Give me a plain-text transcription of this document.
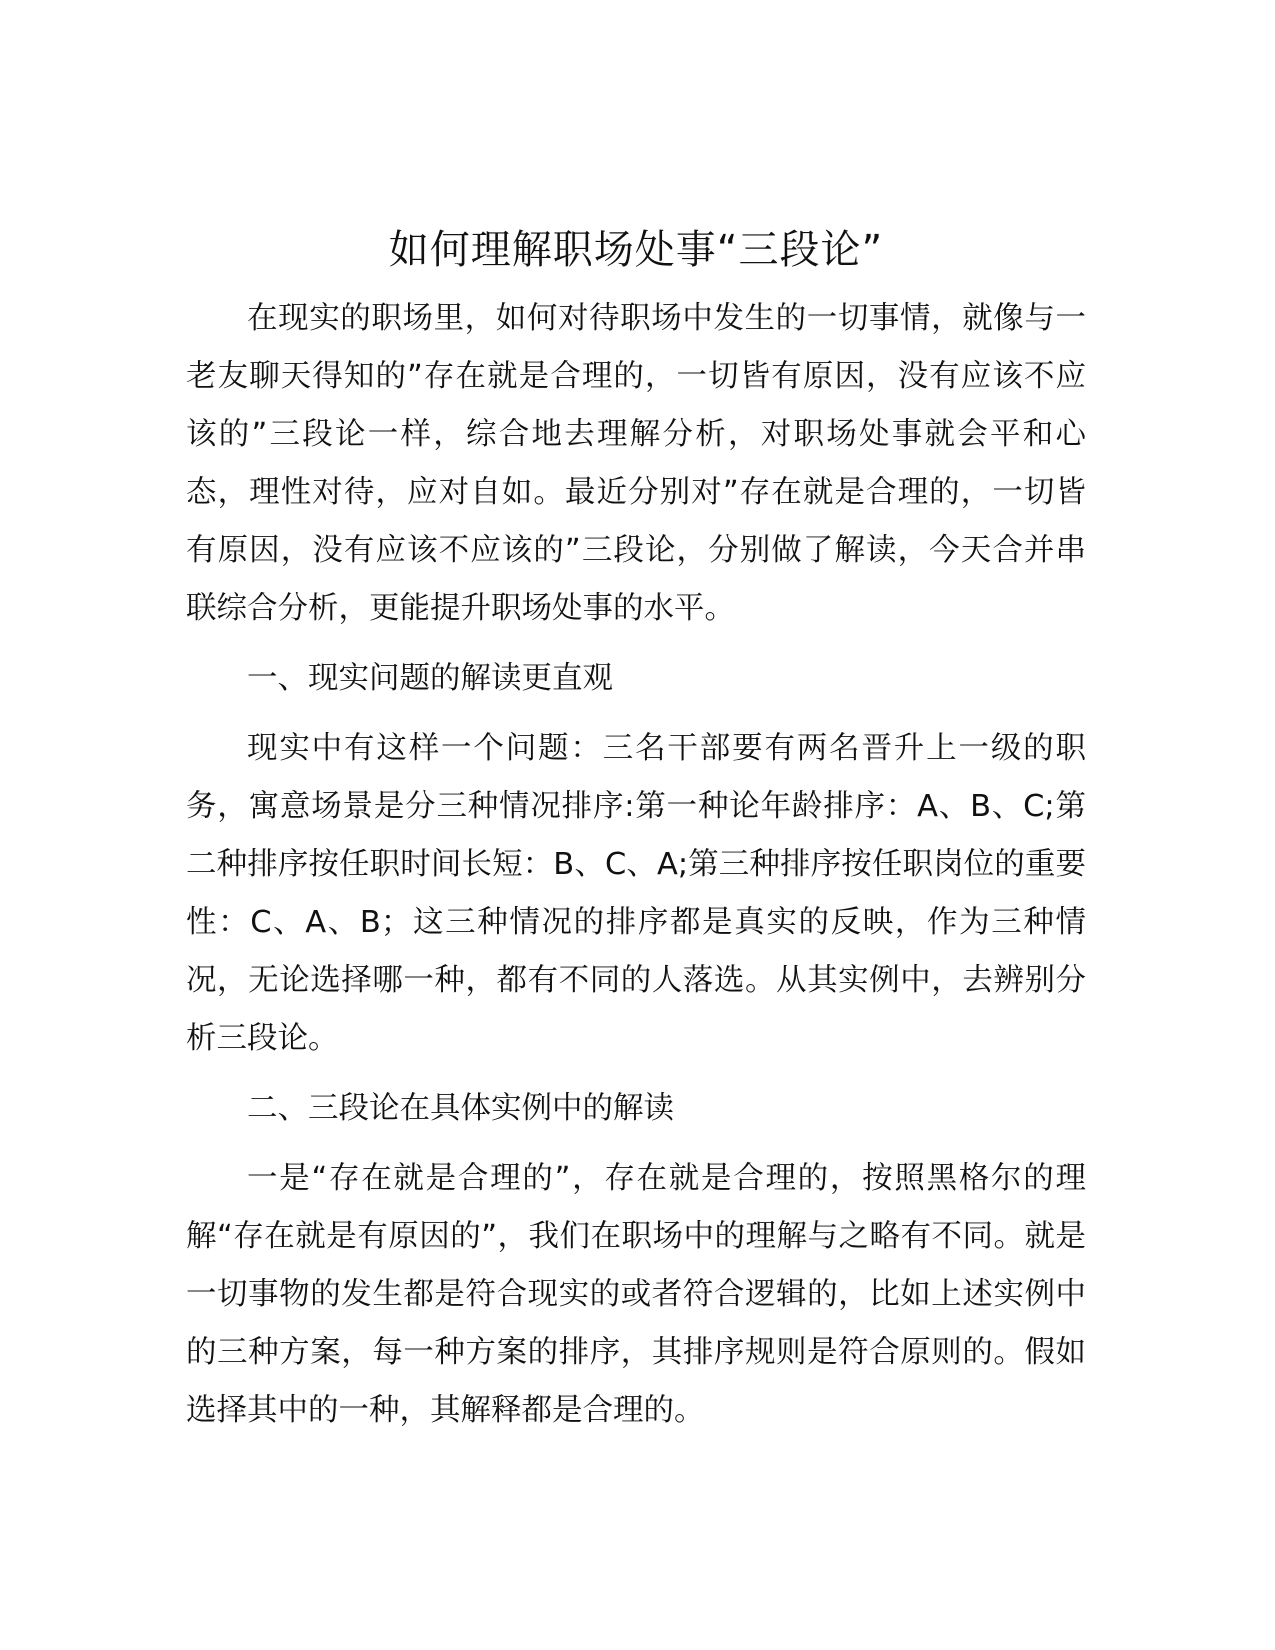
如何理解职场处事“三段论”

在现实的职场里，如何对待职场中发生的一切事情，就像与一老友聊天得知的”存在就是合理的，一切皆有原因，没有应该不应该的”三段论一样，综合地去理解分析，对职场处事就会平和心态，理性对待，应对自如。最近分别对”存在就是合理的，一切皆有原因，没有应该不应该的”三段论，分别做了解读，今天合并串联综合分析，更能提升职场处事的水平。

一、现实问题的解读更直观

现实中有这样一个问题：三名干部要有两名晋升上一级的职务，寓意场景是分三种情况排序:第一种论年龄排序：A、B、C;第二种排序按任职时间长短：B、C、A;第三种排序按任职岗位的重要性：C、A、B；这三种情况的排序都是真实的反映，作为三种情况，无论选择哪一种，都有不同的人落选。从其实例中，去辨别分析三段论。

二、三段论在具体实例中的解读

一是“存在就是合理的”，存在就是合理的，按照黑格尔的理解“存在就是有原因的”，我们在职场中的理解与之略有不同。就是一切事物的发生都是符合现实的或者符合逻辑的，比如上述实例中的三种方案，每一种方案的排序，其排序规则是符合原则的。假如选择其中的一种，其解释都是合理的。
